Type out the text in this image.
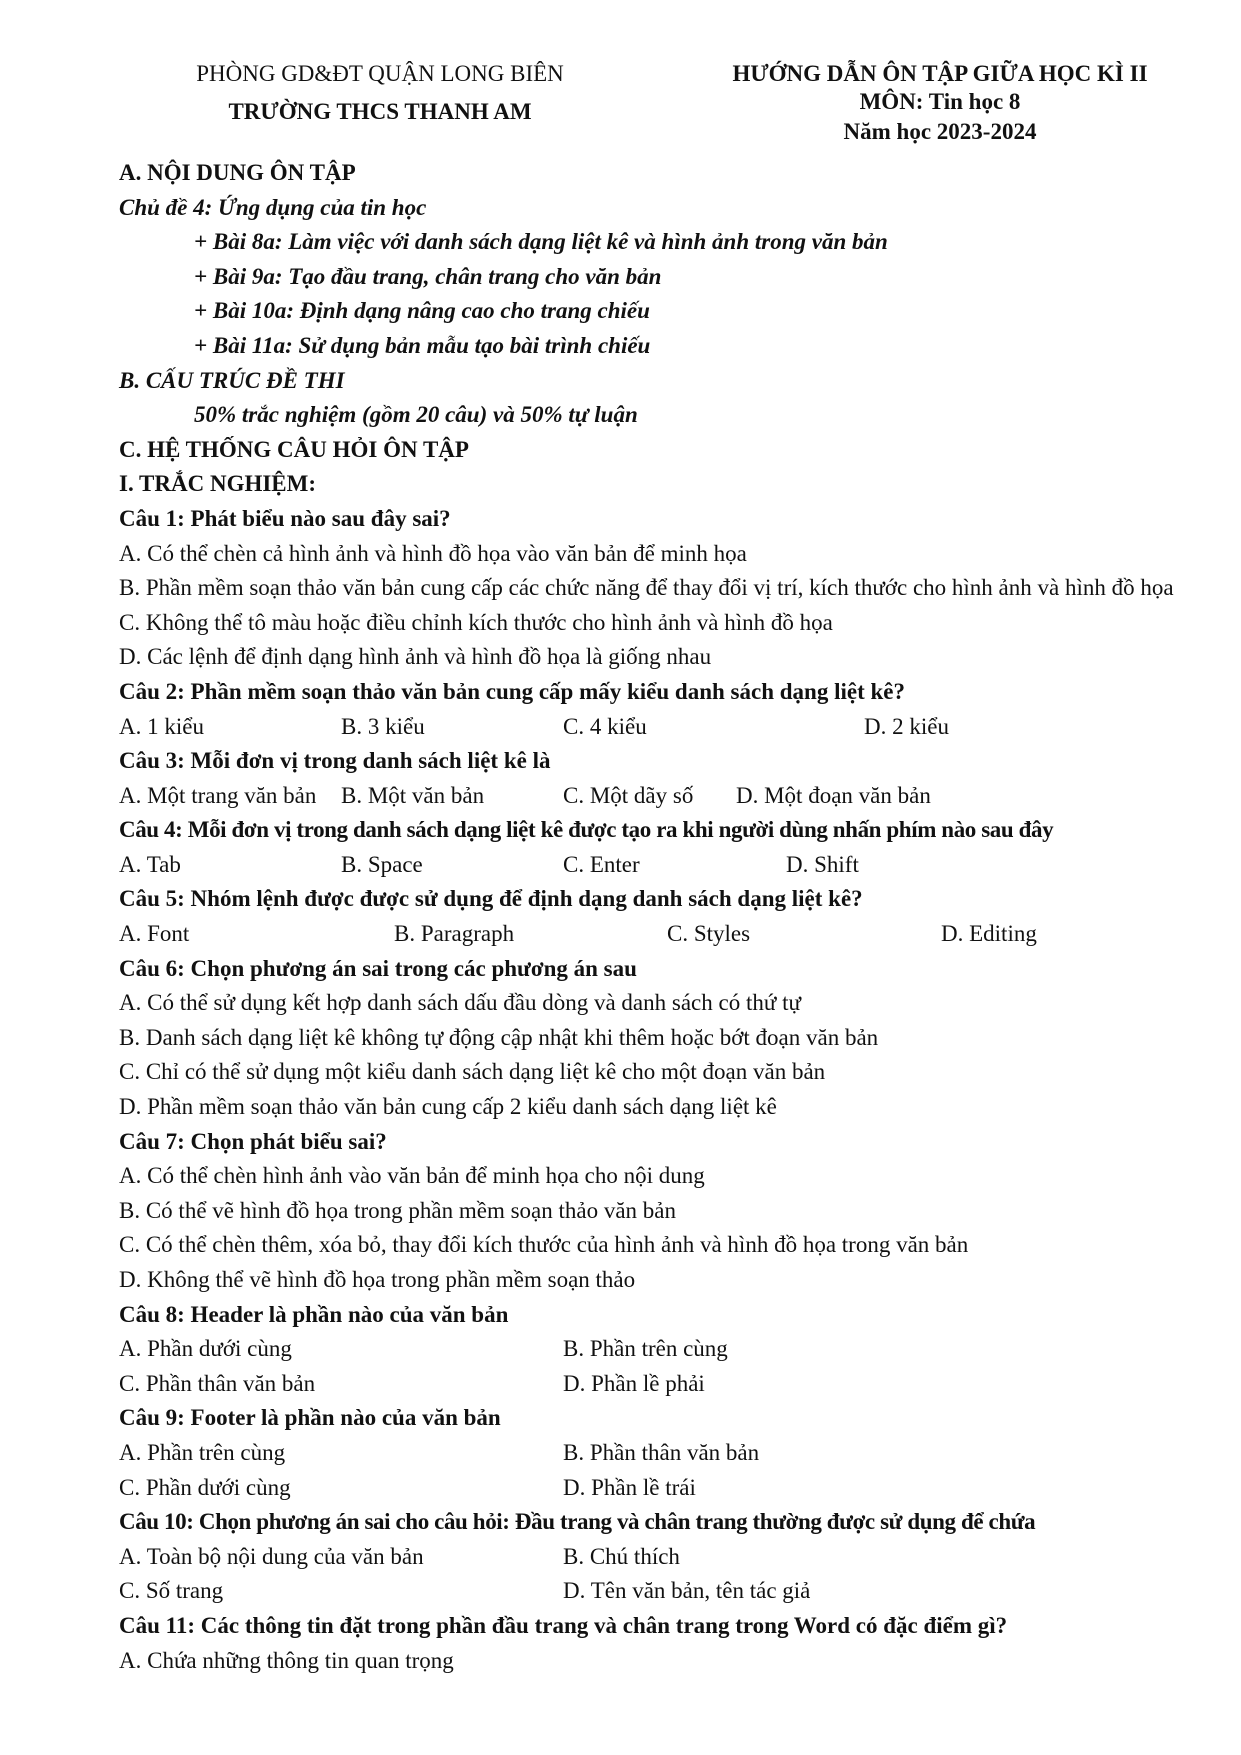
PHÒNG GD&ĐT QUẬN LONG BIÊN
TRƯỜNG THCS THANH AM
HƯỚNG DẪN ÔN TẬP GIỮA HỌC KÌ II
MÔN: Tin học 8
Năm học 2023-2024
A. NỘI DUNG ÔN TẬP
Chủ đề 4: Ứng dụng của tin học
+ Bài 8a: Làm việc với danh sách dạng liệt kê và hình ảnh trong văn bản
+ Bài 9a: Tạo đầu trang, chân trang cho văn bản
+ Bài 10a: Định dạng nâng cao cho trang chiếu
+ Bài 11a: Sử dụng bản mẫu tạo bài trình chiếu
B. CẤU TRÚC ĐỀ THI
50% trắc nghiệm (gồm 20 câu) và 50% tự luận
C. HỆ THỐNG CÂU HỎI ÔN TẬP
I. TRẮC NGHIỆM:
Câu 1: Phát biểu nào sau đây sai?
A. Có thể chèn cả hình ảnh và hình đồ họa vào văn bản để minh họa
B. Phần mềm soạn thảo văn bản cung cấp các chức năng để thay đổi vị trí, kích thước cho hình ảnh và hình đồ họa
C. Không thể tô màu hoặc điều chỉnh kích thước cho hình ảnh và hình đồ họa
D. Các lệnh để định dạng hình ảnh và hình đồ họa là giống nhau
Câu 2: Phần mềm soạn thảo văn bản cung cấp mấy kiểu danh sách dạng liệt kê?
A. 1 kiểu	B. 3 kiểu	C. 4 kiểu	D. 2 kiểu
Câu 3: Mỗi đơn vị trong danh sách liệt kê là
A. Một trang văn bản B. Một văn bản	C. Một dãy số D. Một đoạn văn bản
Câu 4: Mỗi đơn vị trong danh sách dạng liệt kê được tạo ra khi người dùng nhấn phím nào sau đây
A. Tab	B. Space	C. Enter	D. Shift
Câu 5: Nhóm lệnh được được sử dụng để định dạng danh sách dạng liệt kê?
A. Font	B. Paragraph	C. Styles	D. Editing
Câu 6: Chọn phương án sai trong các phương án sau
A. Có thể sử dụng kết hợp danh sách dấu đầu dòng và danh sách có thứ tự
B. Danh sách dạng liệt kê không tự động cập nhật khi thêm hoặc bớt đoạn văn bản
C. Chỉ có thể sử dụng một kiểu danh sách dạng liệt kê cho một đoạn văn bản
D. Phần mềm soạn thảo văn bản cung cấp 2 kiểu danh sách dạng liệt kê
Câu 7: Chọn phát biểu sai?
A. Có thể chèn hình ảnh vào văn bản để minh họa cho nội dung
B. Có thể vẽ hình đồ họa trong phần mềm soạn thảo văn bản
C. Có thể chèn thêm, xóa bỏ, thay đổi kích thước của hình ảnh và hình đồ họa trong văn bản
D. Không thể vẽ hình đồ họa trong phần mềm soạn thảo
Câu 8: Header là phần nào của văn bản
A. Phần dưới cùng	B. Phần trên cùng
C. Phần thân văn bản	D. Phần lề phải
Câu 9: Footer là phần nào của văn bản
A. Phần trên cùng	B. Phần thân văn bản
C. Phần dưới cùng	D. Phần lề trái
Câu 10: Chọn phương án sai cho câu hỏi: Đầu trang và chân trang thường được sử dụng để chứa
A. Toàn bộ nội dung của văn bản	B. Chú thích
C. Số trang	D. Tên văn bản, tên tác giả
Câu 11: Các thông tin đặt trong phần đầu trang và chân trang trong Word có đặc điểm gì?
A. Chứa những thông tin quan trọng
